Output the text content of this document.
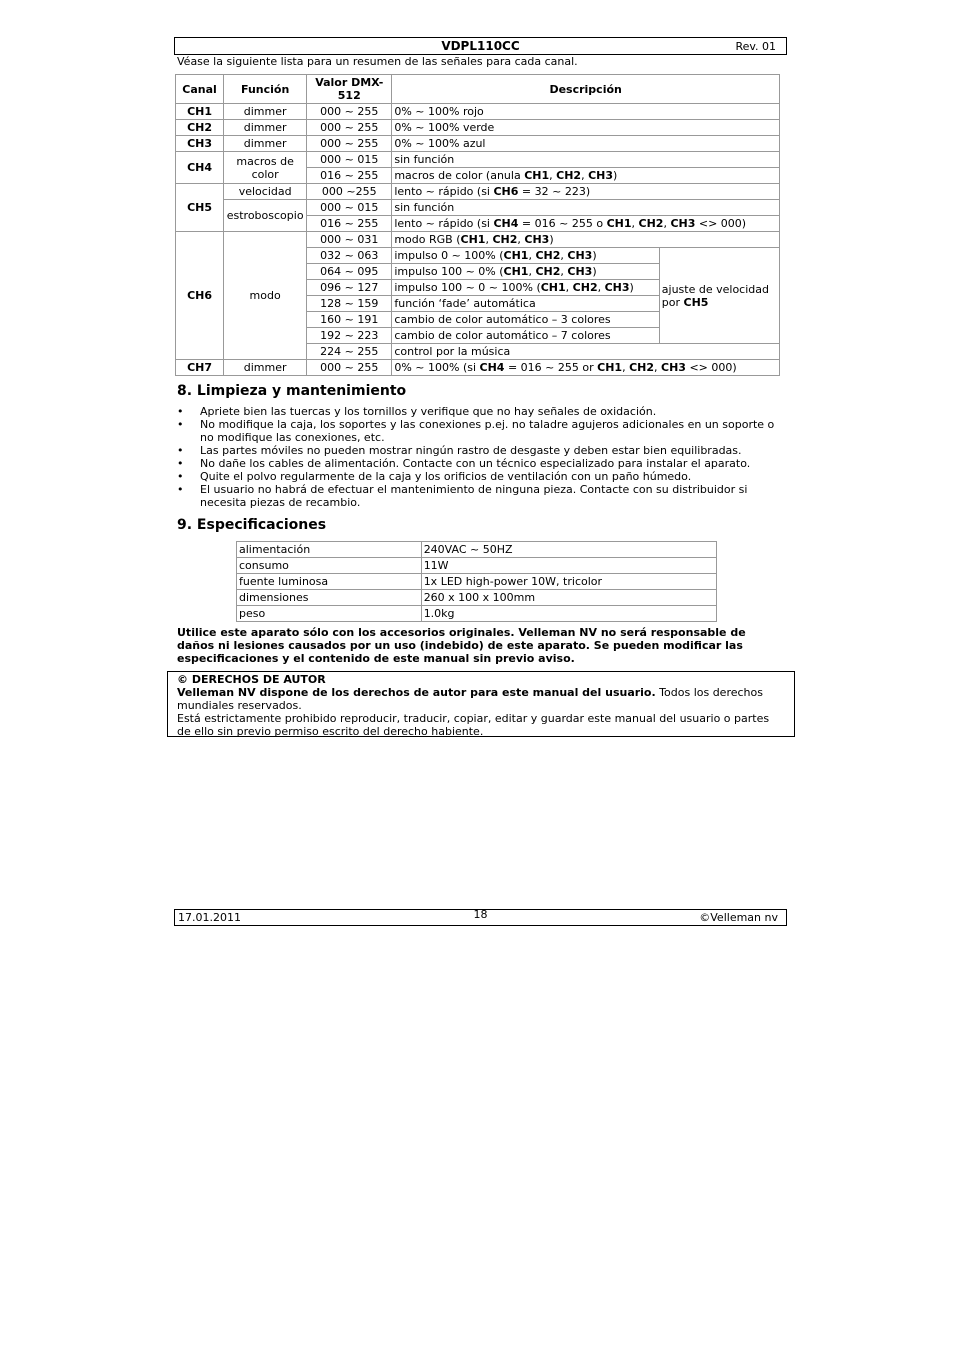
VDPL110CC	Rev. 01
Véase la siguiente lista para un resumen de las señales para cada canal.
Canal	Función	Valor DMX-512	Descripción	
CH1	dimmer	000 ~ 255	0% ~ 100% rojo	
CH2	dimmer	000 ~ 255	0% ~ 100% verde	
CH3	dimmer	000 ~ 255	0% ~ 100% azul	
CH4	macros de color	000 ~ 015	sin función	
		016 ~ 255	macros de color (anula CH1, CH2, CH3)	
CH5	velocidad	000 ~255	lento ~ rápido (si CH6 = 32 ~ 223)	
	estroboscopio	000 ~ 015	sin función	
		016 ~ 255	lento ~ rápido (si CH4 = 016 ~ 255 o CH1, CH2, CH3 <> 000)	
CH6	modo	000 ~ 031	modo RGB (CH1, CH2, CH3)	
		032 ~ 063	impulso 0 ~ 100% (CH1, CH2, CH3)	ajuste de velocidad por CH5
		064 ~ 095	impulso 100 ~ 0% (CH1, CH2, CH3)	
		096 ~ 127	impulso 100 ~ 0 ~ 100% (CH1, CH2, CH3)	
		128 ~ 159	función ‘fade’ automática	
		160 ~ 191	cambio de color automático – 3 colores	
		192 ~ 223	cambio de color automático – 7 colores	
		224 ~ 255	control por la música	
CH7	dimmer	000 ~ 255	0% ~ 100% (si CH4 = 016 ~ 255 or CH1, CH2, CH3 <> 000)	
8. Limpieza y mantenimiento
• Apriete bien las tuercas y los tornillos y verifique que no hay señales de oxidación.
• No modifique la caja, los soportes y las conexiones p.ej. no taladre agujeros adicionales en un soporte o no modifique las conexiones, etc.
• Las partes móviles no pueden mostrar ningún rastro de desgaste y deben estar bien equilibradas.
• No dañe los cables de alimentación. Contacte con un técnico especializado para instalar el aparato.
• Quite el polvo regularmente de la caja y los orificios de ventilación con un paño húmedo.
• El usuario no habrá de efectuar el mantenimiento de ninguna pieza. Contacte con su distribuidor si necesita piezas de recambio.
9. Especificaciones
alimentación	240VAC ~ 50HZ
consumo	11W
fuente luminosa	1x LED high-power 10W, tricolor
dimensiones	260 x 100 x 100mm
peso	1.0kg
Utilice este aparato sólo con los accesorios originales. Velleman NV no será responsable de daños ni lesiones causados por un uso (indebido) de este aparato. Se pueden modificar las especificaciones y el contenido de este manual sin previo aviso.
© DERECHOS DE AUTOR
Velleman NV dispone de los derechos de autor para este manual del usuario. Todos los derechos mundiales reservados.
Está estrictamente prohibido reproducir, traducir, copiar, editar y guardar este manual del usuario o partes de ello sin previo permiso escrito del derecho habiente.
17.01.2011	18	©Velleman nv
